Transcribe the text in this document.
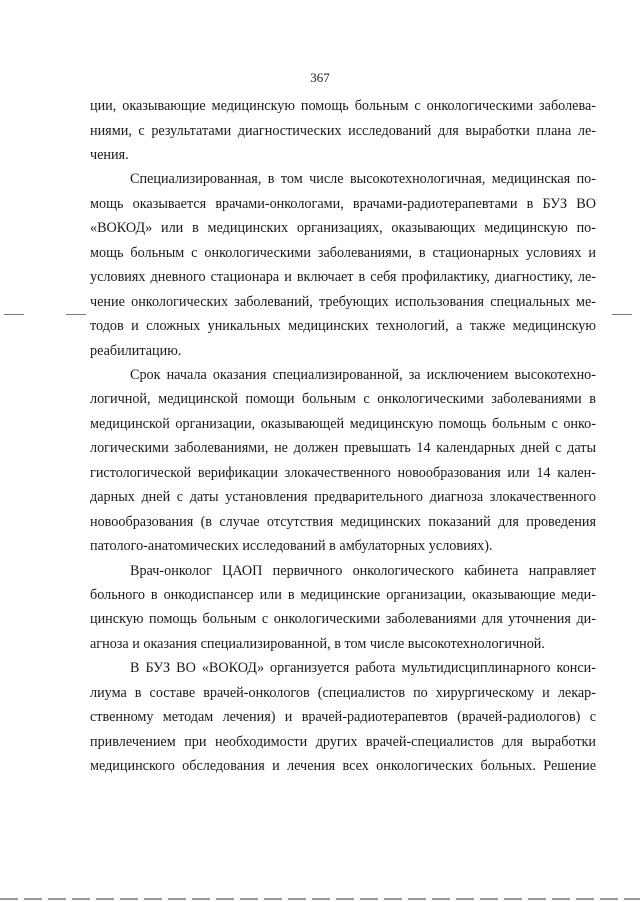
367
ции, оказывающие медицинскую помощь больным с онкологическими заболева-
ниями, с результатами диагностических исследований для выработки плана ле-
чения.
Специализированная, в том числе высокотехнологичная, медицинская по-
мощь оказывается врачами-онкологами, врачами-радиотерапевтами в БУЗ ВО
«ВОКОД» или в медицинских организациях, оказывающих медицинскую по-
мощь больным с онкологическими заболеваниями, в стационарных условиях и
условиях дневного стационара и включает в себя профилактику, диагностику, ле-
чение онкологических заболеваний, требующих использования специальных ме-
тодов и сложных уникальных медицинских технологий, а также медицинскую
реабилитацию.
Срок начала оказания специализированной, за исключением высокотехно-
логичной, медицинской помощи больным с онкологическими заболеваниями в
медицинской организации, оказывающей медицинскую помощь больным с онко-
логическими заболеваниями, не должен превышать 14 календарных дней с даты
гистологической верификации злокачественного новообразования или 14 кален-
дарных дней с даты установления предварительного диагноза злокачественного
новообразования (в случае отсутствия медицинских показаний для проведения
патолого-анатомических исследований в амбулаторных условиях).
Врач-онколог ЦАОП первичного онкологического кабинета направляет
больного в онкодиспансер или в медицинские организации, оказывающие меди-
цинскую помощь больным с онкологическими заболеваниями для уточнения ди-
агноза и оказания специализированной, в том числе высокотехнологичной.
В БУЗ ВО «ВОКОД» организуется работа мультидисциплинарного конси-
лиума в составе врачей-онкологов (специалистов по хирургическому и лекар-
ственному методам лечения) и врачей-радиотерапевтов (врачей-радиологов) с
привлечением при необходимости других врачей-специалистов для выработки
медицинского обследования и лечения всех онкологических больных. Решение
